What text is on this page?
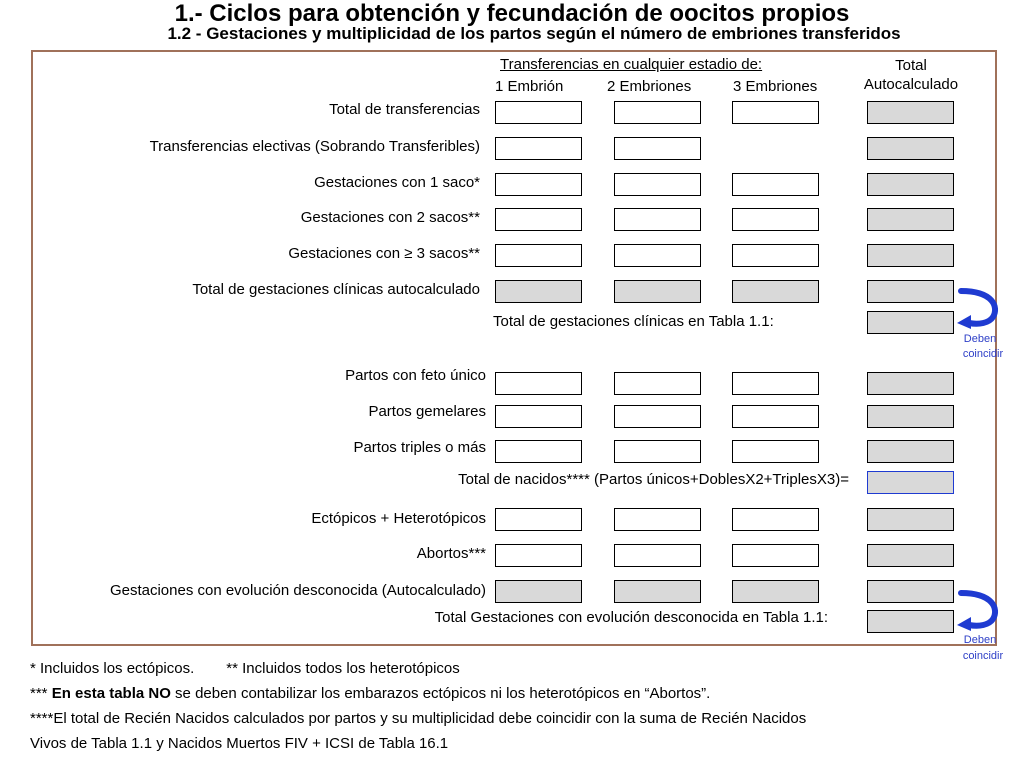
1.- Ciclos para obtención y fecundación de oocitos propios
1.2 - Gestaciones y multiplicidad de los partos según el número de embriones transferidos
Transferencias en cualquier estadio de:
1 Embrión	2 Embriones	3 Embriones
Total
Autocalculado
Total de transferencias
Transferencias electivas (Sobrando Transferibles)
Gestaciones con 1 saco*
Gestaciones con 2 sacos**
Gestaciones con ≥ 3 sacos**
Total de gestaciones clínicas autocalculado
Total de gestaciones clínicas en Tabla 1.1:
Partos con feto único
Partos gemelares
Partos triples o más
Total de nacidos**** (Partos únicos+DoblesX2+TriplesX3)=
Ectópicos + Heterotópicos
Abortos***
Gestaciones con evolución desconocida (Autocalculado)
Total Gestaciones con evolución desconocida en Tabla 1.1:
Deben
coincidir
Deben
coincidir
* Incluidos los ectópicos. ** Incluidos todos los heterotópicos
*** En esta tabla NO se deben contabilizar los embarazos ectópicos ni los heterotópicos en “Abortos”.
****El total de Recién Nacidos calculados por partos y su multiplicidad debe coincidir con la suma de Recién Nacidos
Vivos de Tabla 1.1 y Nacidos Muertos FIV + ICSI de Tabla 16.1
